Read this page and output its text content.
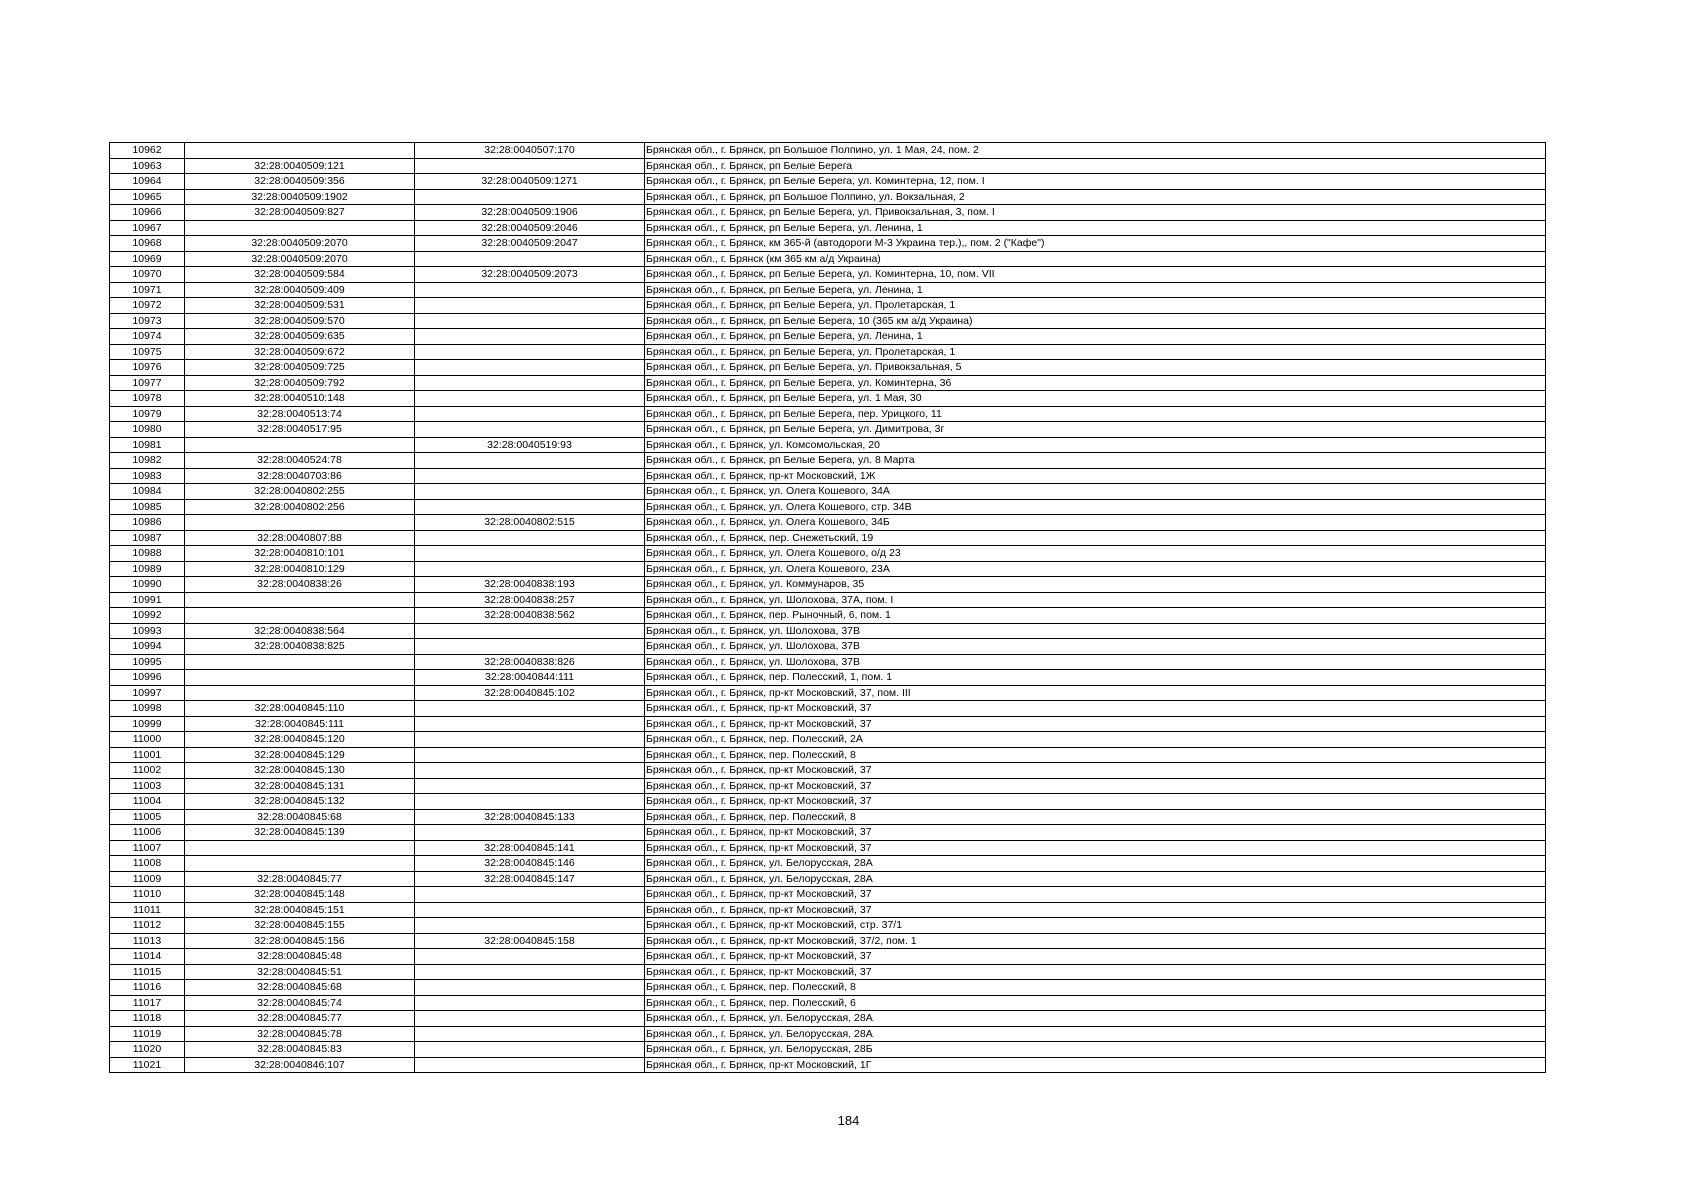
10962		32:28:0040507:170	Брянская обл., г. Брянск, рп Большое Полпино, ул. 1 Мая, 24, пом. 2
10963	32:28:0040509:121		Брянская обл., г. Брянск, рп Белые Берега
10964	32:28:0040509:356	32:28:0040509:1271	Брянская обл., г. Брянск, рп Белые Берега, ул. Коминтерна, 12, пом. I
10965	32:28:0040509:1902		Брянская обл., г. Брянск, рп Большое Полпино, ул. Вокзальная, 2
10966	32:28:0040509:827	32:28:0040509:1906	Брянская обл., г. Брянск, рп Белые Берега, ул. Привокзальная, 3, пом. I
10967		32:28:0040509:2046	Брянская обл., г. Брянск, рп Белые Берега, ул. Ленина, 1
10968	32:28:0040509:2070	32:28:0040509:2047	Брянская обл., г. Брянск, км 365-й (автодороги М-3 Украина тер.),, пом. 2 ("Кафе")
10969	32:28:0040509:2070		Брянская обл., г. Брянск (км 365 км а/д Украина)
10970	32:28:0040509:584	32:28:0040509:2073	Брянская обл., г. Брянск, рп Белые Берега, ул. Коминтерна, 10, пом. VII
10971	32:28:0040509:409		Брянская обл., г. Брянск, рп Белые Берега, ул. Ленина, 1
10972	32:28:0040509:531		Брянская обл., г. Брянск, рп Белые Берега, ул. Пролетарская, 1
10973	32:28:0040509:570		Брянская обл., г. Брянск, рп Белые Берега, 10 (365 км а/д Украина)
10974	32:28:0040509:635		Брянская обл., г. Брянск, рп Белые Берега, ул. Ленина, 1
10975	32:28:0040509:672		Брянская обл., г. Брянск, рп Белые Берега, ул. Пролетарская, 1
10976	32:28:0040509:725		Брянская обл., г. Брянск, рп Белые Берега, ул. Привокзальная, 5
10977	32:28:0040509:792		Брянская обл., г. Брянск, рп Белые Берега, ул. Коминтерна, 36
10978	32:28:0040510:148		Брянская обл., г. Брянск, рп Белые Берега, ул. 1 Мая, 30
10979	32:28:0040513:74		Брянская обл., г. Брянск, рп Белые Берега, пер. Урицкого, 11
10980	32:28:0040517:95		Брянская обл., г. Брянск, рп Белые Берега, ул. Димитрова, 3г
10981		32:28:0040519:93	Брянская обл., г. Брянск, ул. Комсомольская, 20
10982	32:28:0040524:78		Брянская обл., г. Брянск, рп Белые Берега, ул. 8 Марта
10983	32:28:0040703:86		Брянская обл., г. Брянск, пр-кт Московский, 1Ж
10984	32:28:0040802:255		Брянская обл., г. Брянск, ул. Олега Кошевого, 34А
10985	32:28:0040802:256		Брянская обл., г. Брянск, ул. Олега Кошевого, стр. 34В
10986		32:28:0040802:515	Брянская обл., г. Брянск, ул. Олега Кошевого, 34Б
10987	32:28:0040807:88		Брянская обл., г. Брянск, пер. Снежетьский, 19
10988	32:28:0040810:101		Брянская обл., г. Брянск, ул. Олега Кошевого, о/д 23
10989	32:28:0040810:129		Брянская обл., г. Брянск, ул. Олега Кошевого, 23А
10990	32:28:0040838:26	32:28:0040838:193	Брянская обл., г. Брянск, ул. Коммунаров, 35
10991		32:28:0040838:257	Брянская обл., г. Брянск, ул. Шолохова, 37А, пом. I
10992		32:28:0040838:562	Брянская обл., г. Брянск, пер. Рыночный, 6, пом. 1
10993	32:28:0040838:564		Брянская обл., г. Брянск, ул. Шолохова, 37В
10994	32:28:0040838:825		Брянская обл., г. Брянск, ул. Шолохова, 37В
10995		32:28:0040838:826	Брянская обл., г. Брянск, ул. Шолохова, 37В
10996		32:28:0040844:111	Брянская обл., г. Брянск, пер. Полесский, 1, пом. 1
10997		32:28:0040845:102	Брянская обл., г. Брянск, пр-кт Московский, 37, пом. III
10998	32:28:0040845:110		Брянская обл., г. Брянск, пр-кт Московский, 37
10999	32:28:0040845:111		Брянская обл., г. Брянск, пр-кт Московский, 37
11000	32:28:0040845:120		Брянская обл., г. Брянск, пер. Полесский, 2А
11001	32:28:0040845:129		Брянская обл., г. Брянск, пер. Полесский, 8
11002	32:28:0040845:130		Брянская обл., г. Брянск, пр-кт Московский, 37
11003	32:28:0040845:131		Брянская обл., г. Брянск, пр-кт Московский, 37
11004	32:28:0040845:132		Брянская обл., г. Брянск, пр-кт Московский, 37
11005	32:28:0040845:68	32:28:0040845:133	Брянская обл., г. Брянск, пер. Полесский, 8
11006	32:28:0040845:139		Брянская обл., г. Брянск, пр-кт Московский, 37
11007		32:28:0040845:141	Брянская обл., г. Брянск, пр-кт Московский, 37
11008		32:28:0040845:146	Брянская обл., г. Брянск, ул. Белорусская, 28А
11009	32:28:0040845:77	32:28:0040845:147	Брянская обл., г. Брянск, ул. Белорусская, 28А
11010	32:28:0040845:148		Брянская обл., г. Брянск, пр-кт Московский, 37
11011	32:28:0040845:151		Брянская обл., г. Брянск, пр-кт Московский, 37
11012	32:28:0040845:155		Брянская обл., г. Брянск, пр-кт Московский, стр. 37/1
11013	32:28:0040845:156	32:28:0040845:158	Брянская обл., г. Брянск, пр-кт Московский, 37/2, пом. 1
11014	32:28:0040845:48		Брянская обл., г. Брянск, пр-кт Московский, 37
11015	32:28:0040845:51		Брянская обл., г. Брянск, пр-кт Московский, 37
11016	32:28:0040845:68		Брянская обл., г. Брянск, пер. Полесский, 8
11017	32:28:0040845:74		Брянская обл., г. Брянск, пер. Полесский, 6
11018	32:28:0040845:77		Брянская обл., г. Брянск, ул. Белорусская, 28А
11019	32:28:0040845:78		Брянская обл., г. Брянск, ул. Белорусская, 28А
11020	32:28:0040845:83		Брянская обл., г. Брянск, ул. Белорусская, 28Б
11021	32:28:0040846:107		Брянская обл., г. Брянск, пр-кт Московский, 1Г
184
